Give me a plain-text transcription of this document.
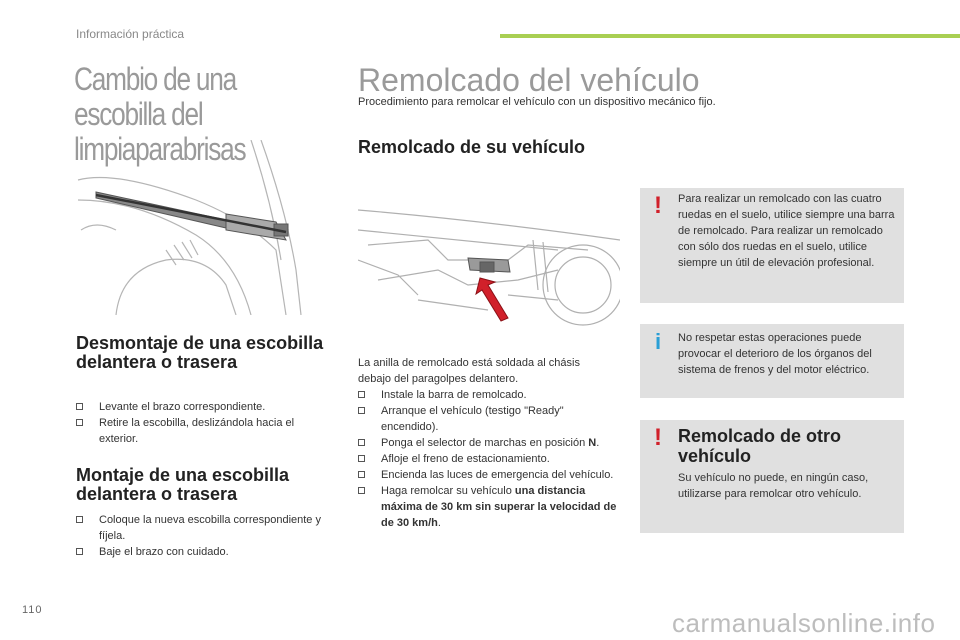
Información práctica
Cambio de una escobilla del limpiaparabrisas
Desmontaje de una escobilla delantera o trasera
Levante el brazo correspondiente.
Retire la escobilla, deslizándola hacia el exterior.
Montaje de una escobilla delantera o trasera
Coloque la nueva escobilla correspondiente y fíjela.
Baje el brazo con cuidado.
Remolcado del vehículo
Procedimiento para remolcar el vehículo con un dispositivo mecánico fijo.
Remolcado de su vehículo
La anilla de remolcado está soldada al chásis debajo del paragolpes delantero.
Instale la barra de remolcado.
Arranque el vehículo (testigo "Ready" encendido).
Ponga el selector de marchas en posición N.
Afloje el freno de estacionamiento.
Encienda las luces de emergencia del vehículo.
Haga remolcar su vehículo una distancia máxima de 30 km sin superar la velocidad de de 30 km/h.
! Para realizar un remolcado con las cuatro ruedas en el suelo, utilice siempre una barra de remolcado. Para realizar un remolcado con sólo dos ruedas en el suelo, utilice siempre un útil de elevación profesional.
i No respetar estas operaciones puede provocar el deterioro de los órganos del sistema de frenos y del motor eléctrico.
! Remolcado de otro vehículo
Su vehículo no puede, en ningún caso, utilizarse para remolcar otro vehículo.
110	carmanualsonline.info
